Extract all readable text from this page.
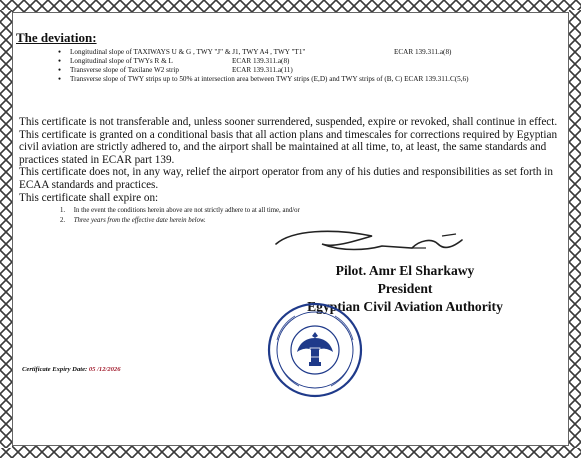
The deviation:
● Longitudinal slope of TAXIWAYS U & G , TWY "J" & J1, TWY A4 , TWY "T1"	ECAR 139.311.a(8)
● Longitudinal slope of TWYs R & L	ECAR 139.311.a(8)
● Transverse slope of Taxilane W2 strip	ECAR 139.311.a(11)
● Transverse slope of TWY strips up to 50% at intersection area between TWY strips (E,D) and TWY strips of (B, C) ECAR 139.311.C(5,6)

This certificate is not transferable and, unless sooner surrendered, suspended, expire or revoked, shall continue in effect.

This certificate is granted on a conditional basis that all action plans and timescales for corrections required by Egyptian civil aviation are strictly adhered to, and the airport shall be maintained at all time, to, at least, the same standards and practices stated in ECAR part 139.

This certificate does not, in any way, relief the airport operator from any of his duties and responsibilities as set forth in ECAA standards and practices.

This certificate shall expire on:

1. In the event the conditions herein above are not strictly adhere to at all time, and/or
2. Three years from the effective date herein below.
Pilot. Amr El Sharkawy
President
Egyptian Civil Aviation Authority
Certificate Expiry Date: 05 /12/2026
